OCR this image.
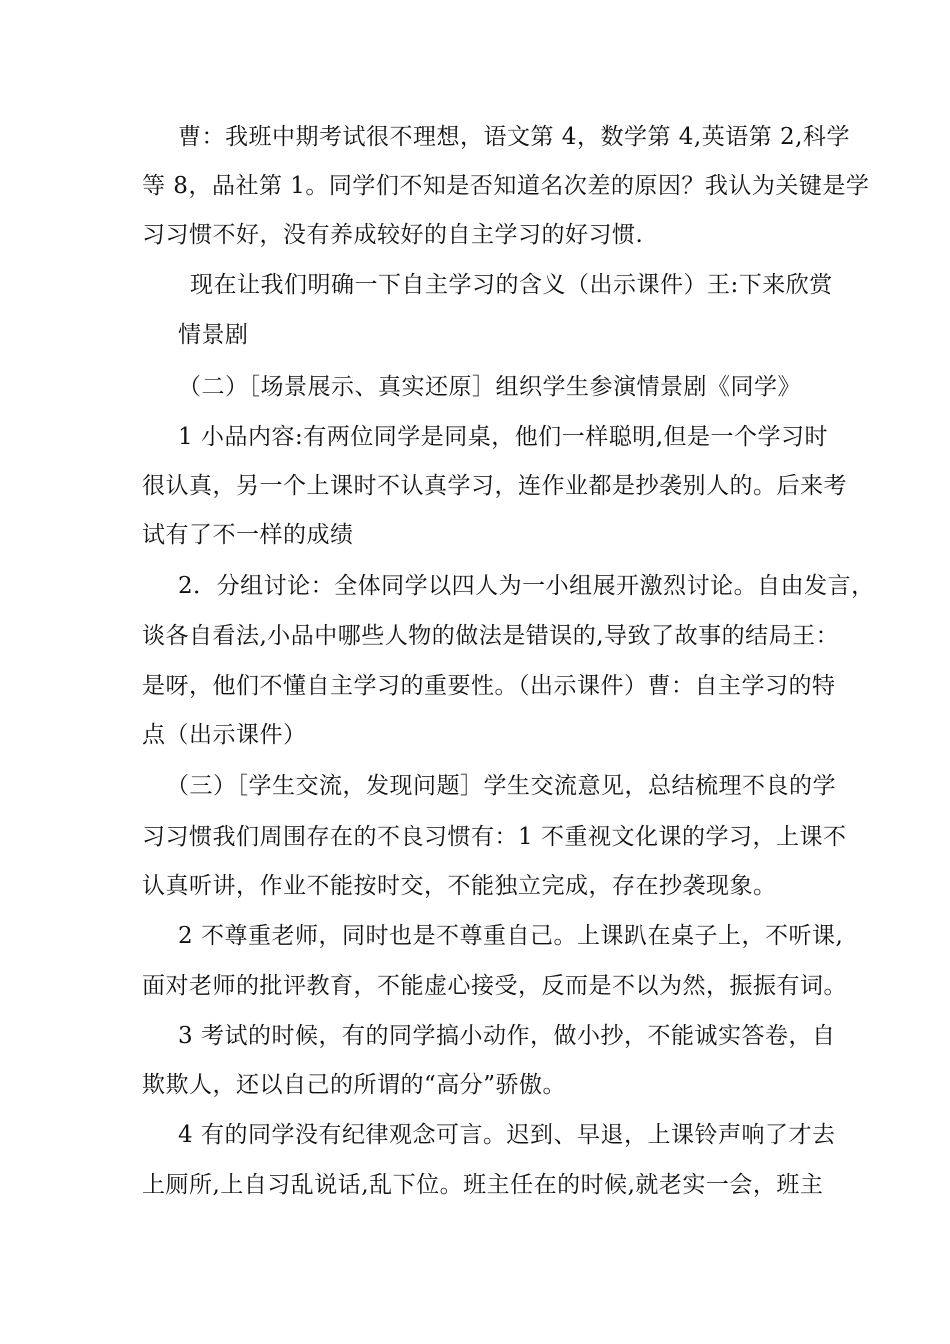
曹：我班中期考试很不理想，语文第 4，数学第 4,英语第 2,科学
等 8，品社第 1。同学们不知是否知道名次差的原因？我认为关键是学
习习惯不好，没有养成较好的自主学习的好习惯.
现在让我们明确一下自主学习的含义（出示课件）王:下来欣赏
情景剧
（二）［场景展示、真实还原］组织学生参演情景剧《同学》
1 小品内容:有两位同学是同桌，他们一样聪明,但是一个学习时
很认真，另一个上课时不认真学习，连作业都是抄袭别人的。后来考
试有了不一样的成绩
2．分组讨论：全体同学以四人为一小组展开激烈讨论。自由发言，
谈各自看法,小品中哪些人物的做法是错误的,导致了故事的结局王：
是呀，他们不懂自主学习的重要性。（出示课件）曹：自主学习的特
点（出示课件）
（三）［学生交流，发现问题］学生交流意见，总结梳理不良的学
习习惯我们周围存在的不良习惯有：1 不重视文化课的学习，上课不
认真听讲，作业不能按时交，不能独立完成，存在抄袭现象。
2 不尊重老师，同时也是不尊重自己。上课趴在桌子上，不听课,
面对老师的批评教育，不能虚心接受，反而是不以为然，振振有词。
3 考试的时候，有的同学搞小动作，做小抄，不能诚实答卷，自
欺欺人，还以自己的所谓的“高分”骄傲。
4 有的同学没有纪律观念可言。迟到、早退，上课铃声响了才去
上厕所,上自习乱说话,乱下位。班主任在的时候,就老实一会，班主
